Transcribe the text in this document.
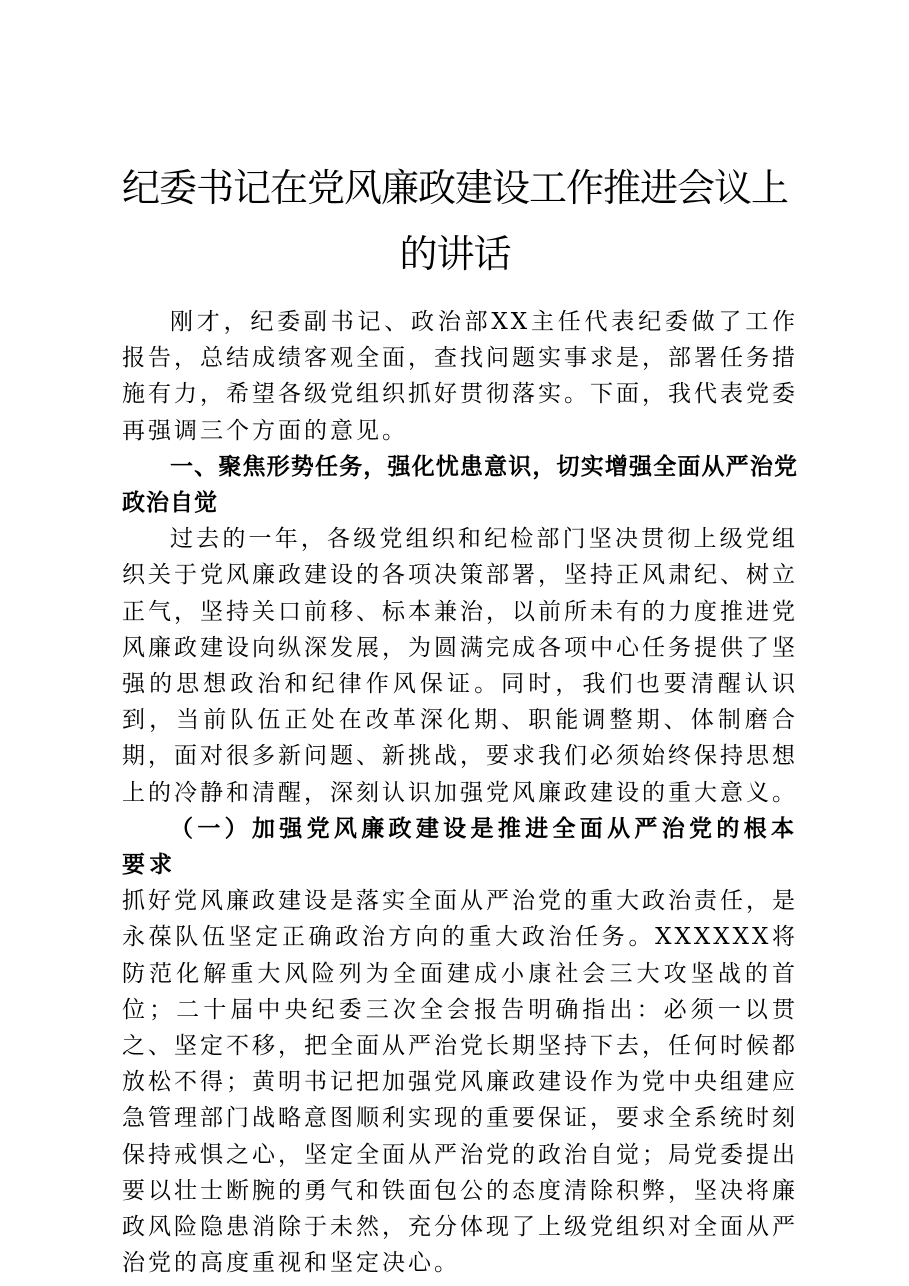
纪委书记在党风廉政建设工作推进会议上的讲话

刚才，纪委副书记、政治部XX主任代表纪委做了工作报告，总结成绩客观全面，查找问题实事求是，部署任务措施有力，希望各级党组织抓好贯彻落实。下面，我代表党委再强调三个方面的意见。

一、聚焦形势任务，强化忧患意识，切实增强全面从严治党政治自觉

过去的一年，各级党组织和纪检部门坚决贯彻上级党组织关于党风廉政建设的各项决策部署，坚持正风肃纪、树立正气，坚持关口前移、标本兼治，以前所未有的力度推进党风廉政建设向纵深发展，为圆满完成各项中心任务提供了坚强的思想政治和纪律作风保证。同时，我们也要清醒认识到，当前队伍正处在改革深化期、职能调整期、体制磨合期，面对很多新问题、新挑战，要求我们必须始终保持思想上的冷静和清醒，深刻认识加强党风廉政建设的重大意义。

（一）加强党风廉政建设是推进全面从严治党的根本要求

抓好党风廉政建设是落实全面从严治党的重大政治责任，是永葆队伍坚定正确政治方向的重大政治任务。XXXXXX将防范化解重大风险列为全面建成小康社会三大攻坚战的首位；二十届中央纪委三次全会报告明确指出：必须一以贯之、坚定不移，把全面从严治党长期坚持下去，任何时候都放松不得；黄明书记把加强党风廉政建设作为党中央组建应急管理部门战略意图顺利实现的重要保证，要求全系统时刻保持戒惧之心，坚定全面从严治党的政治自觉；局党委提出要以壮士断腕的勇气和铁面包公的态度清除积弊，坚决将廉政风险隐患消除于未然，充分体现了上级党组织对全面从严治党的高度重视和坚定决心。
